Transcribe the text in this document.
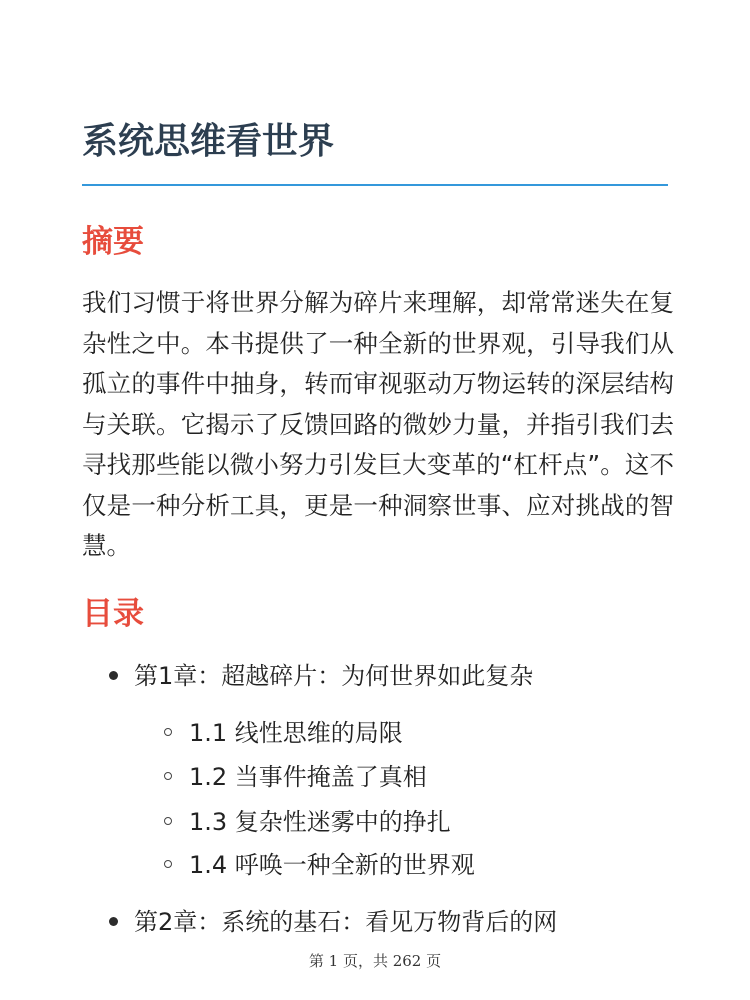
系统思维看世界
摘要

我们习惯于将世界分解为碎片来理解，却常常迷失在复杂性之中。本书提供了一种全新的世界观，引导我们从孤立的事件中抽身，转而审视驱动万物运转的深层结构与关联。它揭示了反馈回路的微妙力量，并指引我们去寻找那些能以微小努力引发巨大变革的“杠杆点”。这不仅是一种分析工具，更是一种洞察世事、应对挑战的智慧。

目录
第1章：超越碎片：为何世界如此复杂
1.1 线性思维的局限
1.2 当事件掩盖了真相
1.3 复杂性迷雾中的挣扎
1.4 呼唤一种全新的世界观
第2章：系统的基石：看见万物背后的网
第 1 页，共 262 页
